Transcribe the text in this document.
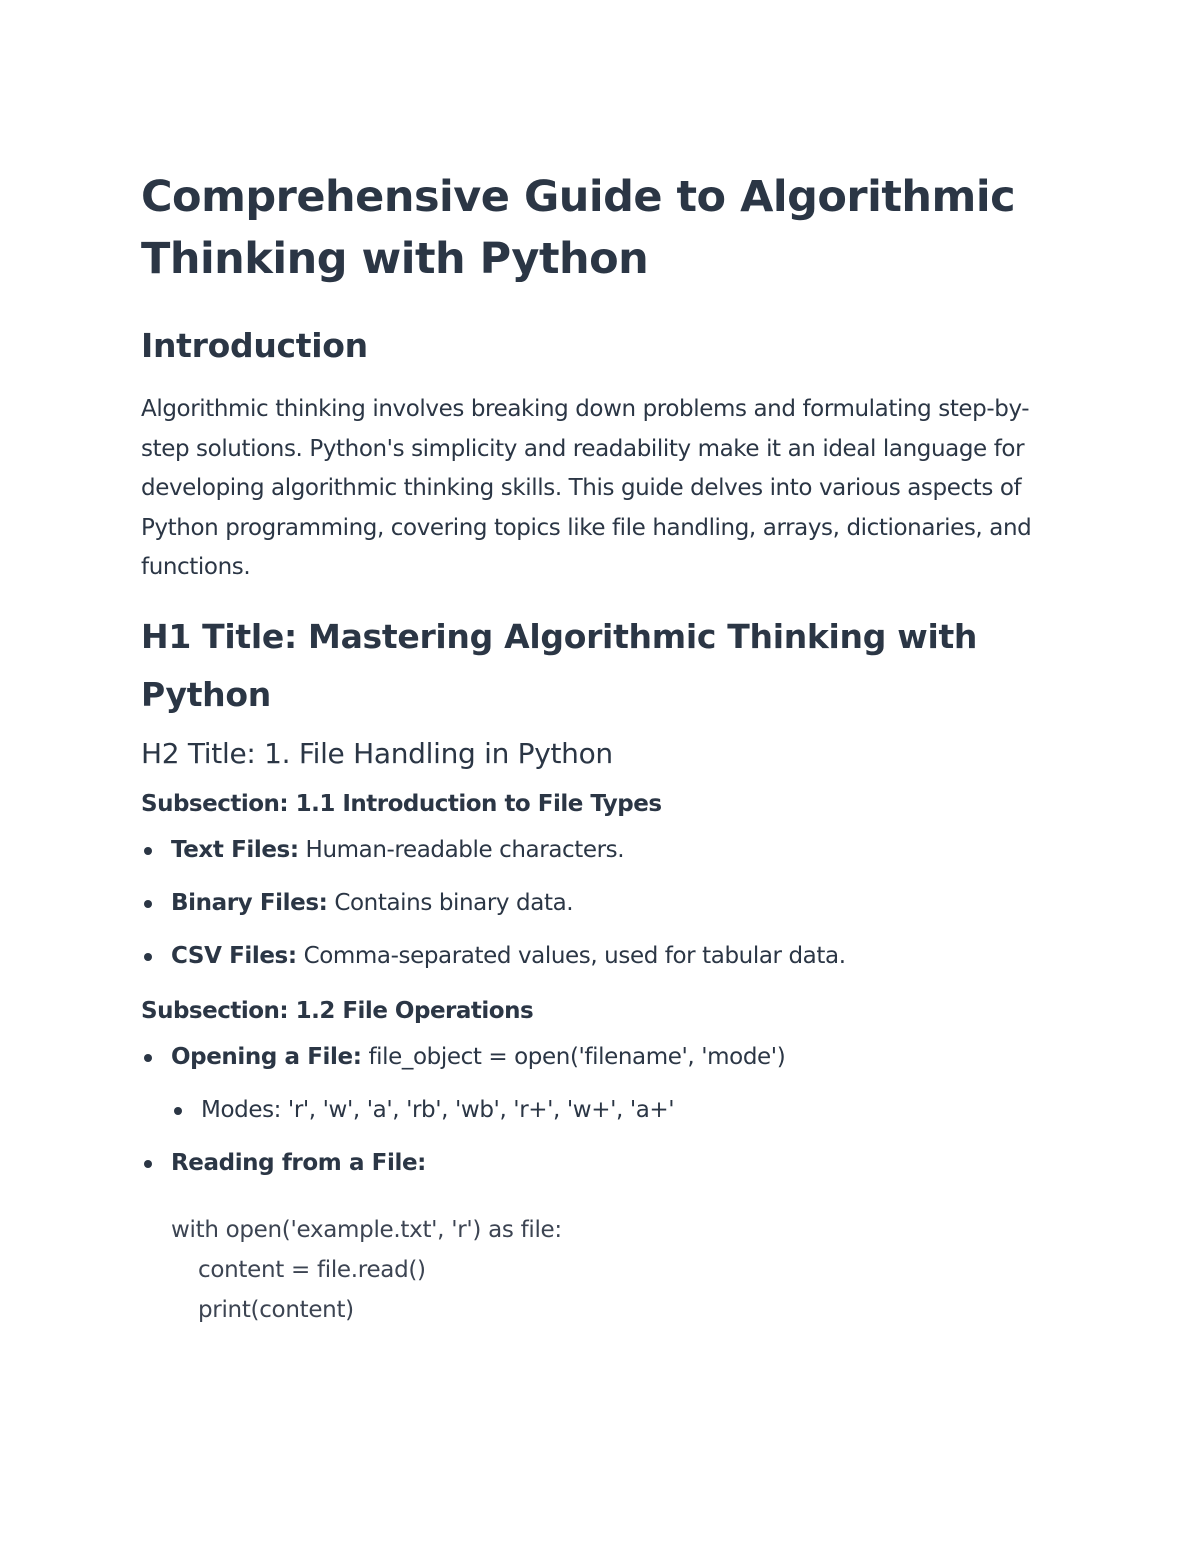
Comprehensive Guide to Algorithmic Thinking with Python
Introduction

Algorithmic thinking involves breaking down problems and formulating step-by-step solutions. Python's simplicity and readability make it an ideal language for developing algorithmic thinking skills. This guide delves into various aspects of Python programming, covering topics like file handling, arrays, dictionaries, and functions.

H1 Title: Mastering Algorithmic Thinking with Python
H2 Title: 1. File Handling in Python
Subsection: 1.1 Introduction to File Types
Text Files: Human-readable characters.
Binary Files: Contains binary data.
CSV Files: Comma-separated values, used for tabular data.
Subsection: 1.2 File Operations
Opening a File: file_object = open('filename', 'mode')
Modes: 'r', 'w', 'a', 'rb', 'wb', 'r+', 'w+', 'a+'
Reading from a File:
with open('example.txt', 'r') as file:
content = file.read()
print(content)
